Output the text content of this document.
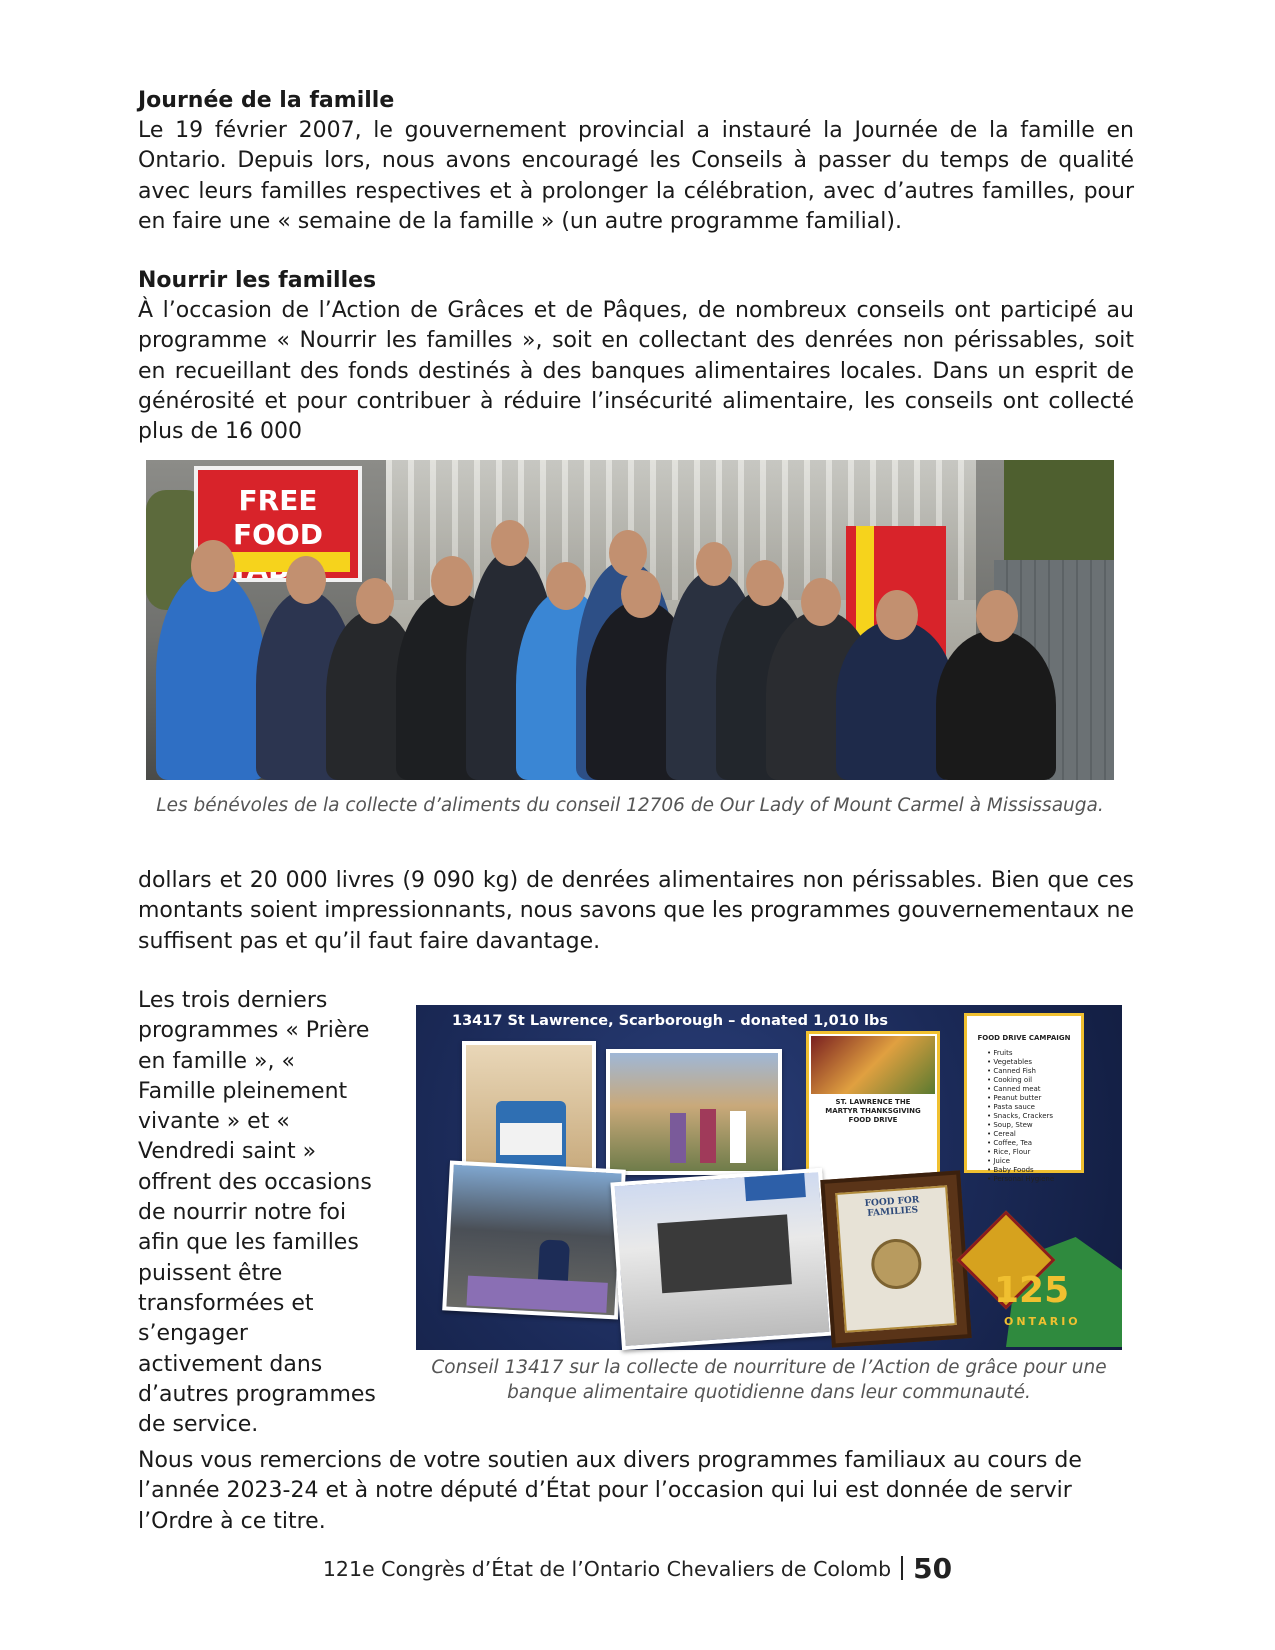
Journée de la famille
Le 19 février 2007, le gouvernement provincial a instauré la Journée de la famille en Ontario. Depuis lors, nous avons encouragé les Conseils à passer du temps de qualité avec leurs familles respectives et à prolonger la célébration, avec d’autres familles, pour en faire une « semaine de la famille » (un autre programme familial).
Nourrir les familles
À l’occasion de l’Action de Grâces et de Pâques, de nombreux conseils ont participé au programme « Nourrir les familles », soit en collectant des denrées non périssables, soit en recueillant des fonds destinés à des banques alimentaires locales. Dans un esprit de générosité et pour contribuer à réduire l’insécurité alimentaire, les conseils ont collecté plus de 16 000
FREE FOOD
Les bénévoles de la collecte d’aliments du conseil 12706 de Our Lady of Mount Carmel à Mississauga.
dollars et 20 000 livres (9 090 kg) de denrées alimentaires non périssables. Bien que ces montants soient impressionnants, nous savons que les programmes gouvernementaux ne suffisent pas et qu’il faut faire davantage.
Les trois derniers programmes « Prière en famille », « Famille pleinement vivante » et « Vendredi saint » offrent des occasions de nourrir notre foi afin que les familles puissent être transformées et s’engager activement dans d’autres programmes de service.
13417 St Lawrence, Scarborough – donated 1,010 lbs
ST. LAWRENCE THE MARTYR THANKSGIVING FOOD DRIVE
FOOD DRIVE CAMPAIGN
• Fruits
• Vegetables
• Canned Fish
• Cooking oil
• Canned meat
• Peanut butter
• Pasta sauce
• Snacks, Crackers
• Soup, Stew
• Cereal
• Coffee, Tea
• Rice, Flour
• Juice
• Baby Foods
• Personal Hygiene
FOOD FOR FAMILIES
125
ONTARIO
Conseil 13417 sur la collecte de nourriture de l’Action de grâce pour une banque alimentaire quotidienne dans leur communauté.
Nous vous remercions de votre soutien aux divers programmes familiaux au cours de l’année 2023-24 et à notre député d’État pour l’occasion qui lui est donnée de servir l’Ordre à ce titre.
121e Congrès d’État de l’Ontario Chevaliers de Colomb 50
